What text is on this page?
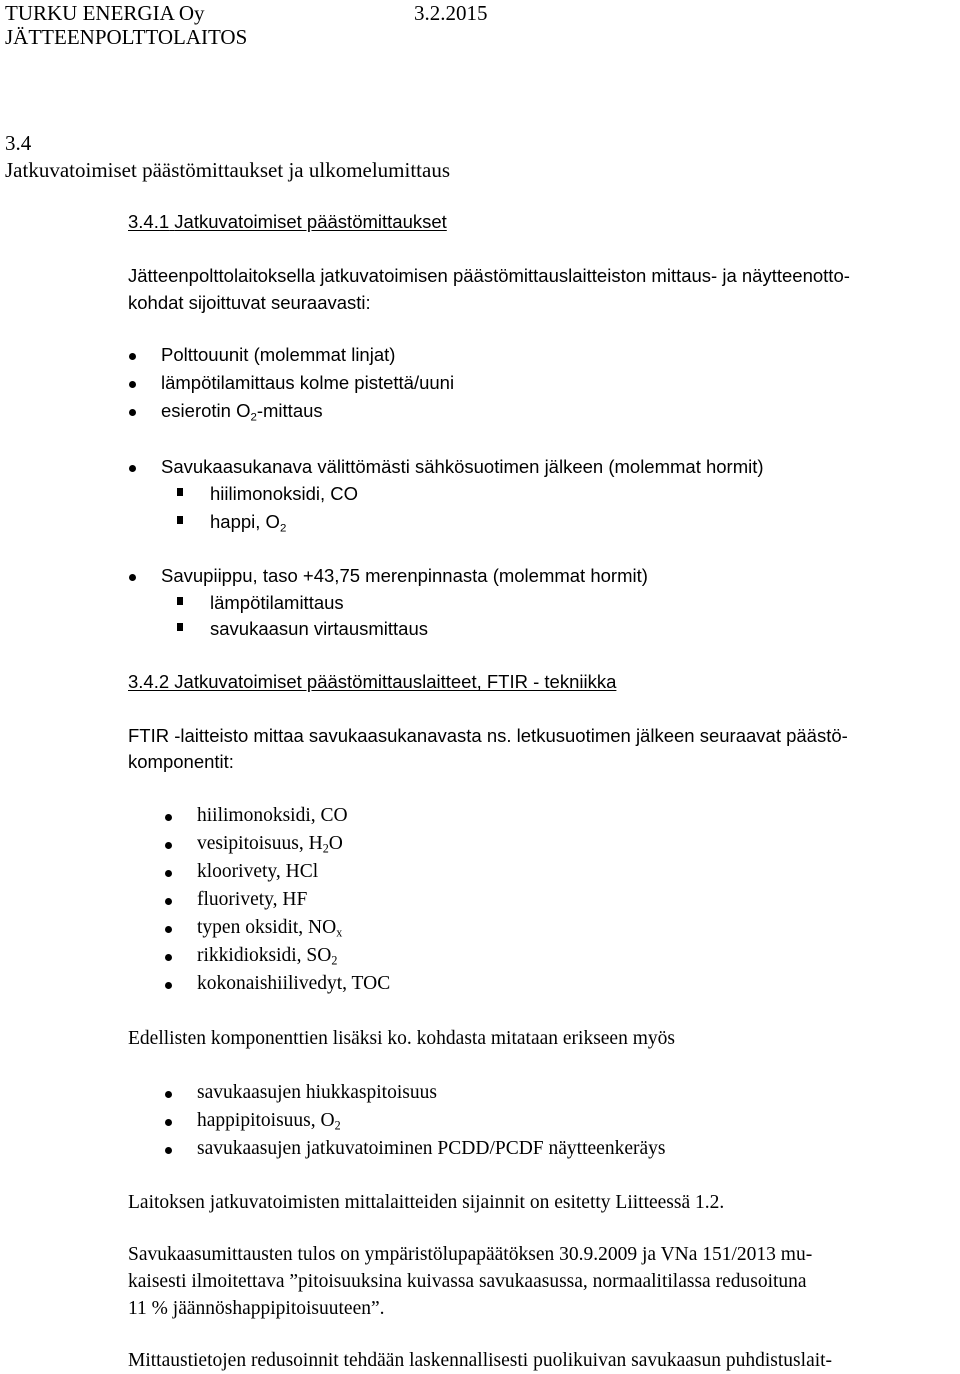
TURKU ENERGIA Oy	3.2.2015
JÄTTEENPOLTTOLAITOS
3.4
Jatkuvatoimiset päästömittaukset ja ulkomelumittaus
3.4.1 Jatkuvatoimiset päästömittaukset
Jätteenpolttolaitoksella jatkuvatoimisen päästömittauslaitteiston mittaus- ja näytteenotto-
kohdat sijoittuvat seuraavasti:
Polttouunit (molemmat linjat)
lämpötilamittaus kolme pistettä/uuni
esierotin $O_2$-mittaus
Savukaasukanava välittömästi sähkösuotimen jälkeen (molemmat hormit)
hiilimonoksidi, CO
happi, $O_2$
Savupiippu, taso +43,75 merenpinnasta (molemmat hormit)
lämpötilamittaus
savukaasun virtausmittaus
3.4.2 Jatkuvatoimiset päästömittauslaitteet, FTIR - tekniikka
FTIR -laitteisto mittaa savukaasukanavasta ns. letkusuotimen jälkeen seuraavat päästö-
komponentit:
hiilimonoksidi, CO
vesipitoisuus, $H_2O$
kloorivety, HCl
fluorivety, HF
typen oksidit, $NO_x$
rikkidioksidi, $SO_2$
kokonaishiilivedyt, TOC
Edellisten komponenttien lisäksi ko. kohdasta mitataan erikseen myös
savukaasujen hiukkaspitoisuus
happipitoisuus, $O_2$
savukaasujen jatkuvatoiminen PCDD/PCDF näytteenkeräys
Laitoksen jatkuvatoimisten mittalaitteiden sijainnit on esitetty Liitteessä 1.2.
Savukaasumittausten tulos on ympäristölupapäätöksen 30.9.2009 ja VNa 151/2013 mu-
kaisesti ilmoitettava ”pitoisuuksina kuivassa savukaasussa, normaalitilassa redusoituna
11 % jäännöshappipitoisuuteen”.
Mittaustietojen redusoinnit tehdään laskennallisesti puolikuivan savukaasun puhdistuslait-
